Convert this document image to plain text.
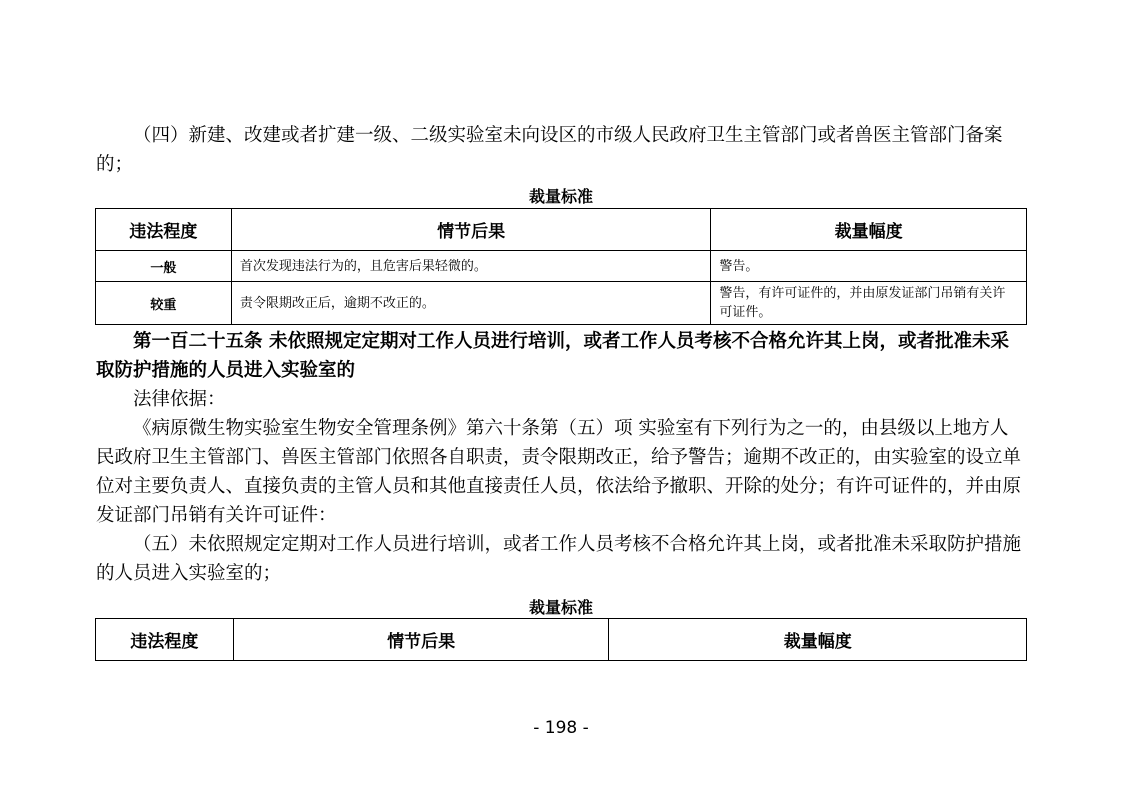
（四）新建、改建或者扩建一级、二级实验室未向设区的市级人民政府卫生主管部门或者兽医主管部门备案的；

裁量标准
违法程度	情节后果	裁量幅度
一般	首次发现违法行为的，且危害后果轻微的。	警告。
较重	责令限期改正后，逾期不改正的。	警告，有许可证件的，并由原发证部门吊销有关许可证件。

第一百二十五条 未依照规定定期对工作人员进行培训，或者工作人员考核不合格允许其上岗，或者批准未采取防护措施的人员进入实验室的

法律依据：

《病原微生物实验室生物安全管理条例》第六十条第（五）项 实验室有下列行为之一的，由县级以上地方人民政府卫生主管部门、兽医主管部门依照各自职责，责令限期改正，给予警告；逾期不改正的，由实验室的设立单位对主要负责人、直接负责的主管人员和其他直接责任人员，依法给予撤职、开除的处分；有许可证件的，并由原发证部门吊销有关许可证件：

（五）未依照规定定期对工作人员进行培训，或者工作人员考核不合格允许其上岗，或者批准未采取防护措施的人员进入实验室的；

裁量标准
违法程度	情节后果	裁量幅度
- 198 -
